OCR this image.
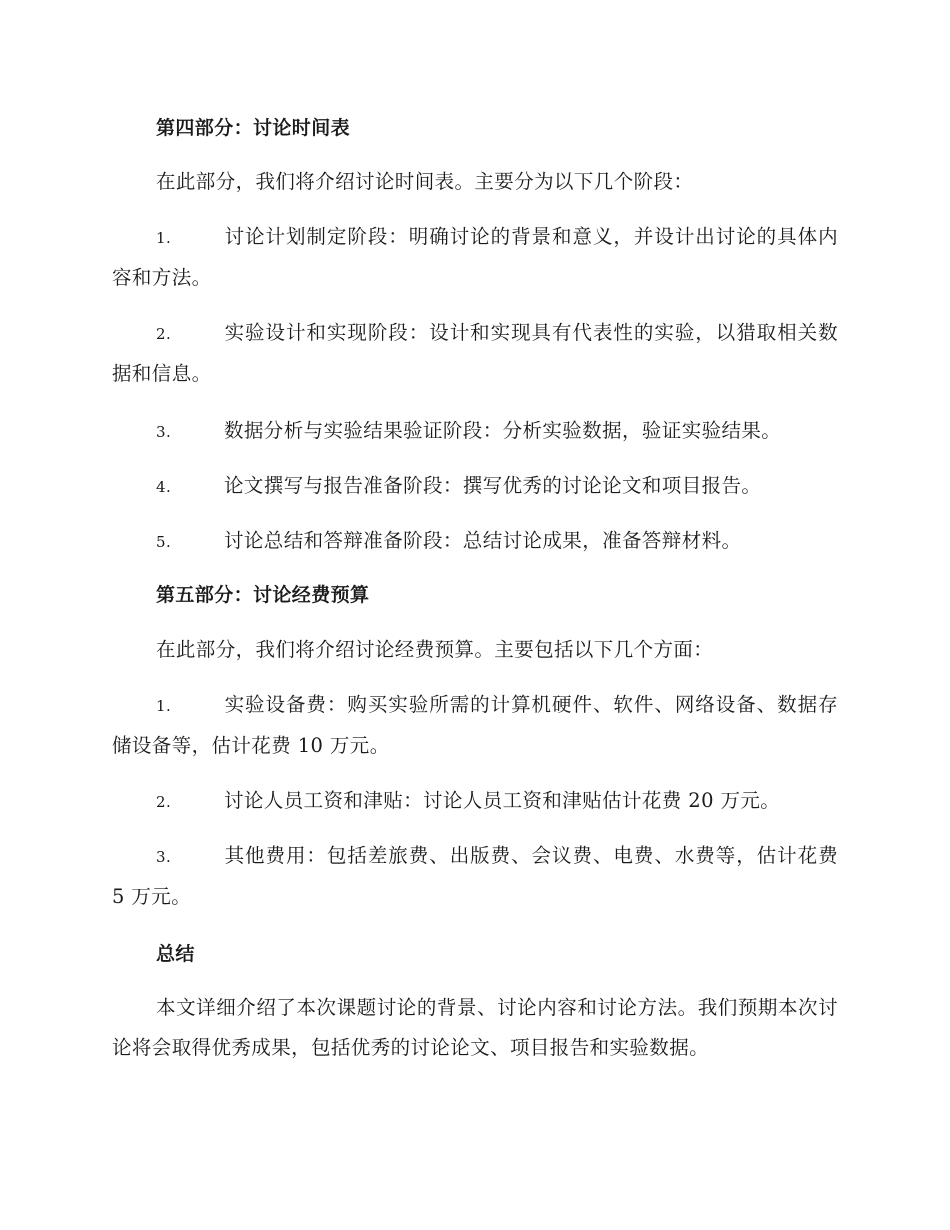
第四部分：讨论时间表
在此部分，我们将介绍讨论时间表。主要分为以下几个阶段：
1.	讨论计划制定阶段：明确讨论的背景和意义，并设计出讨论的具体内容和方法。
2.	实验设计和实现阶段：设计和实现具有代表性的实验，以猎取相关数据和信息。
3.	数据分析与实验结果验证阶段：分析实验数据，验证实验结果。
4.	论文撰写与报告准备阶段：撰写优秀的讨论论文和项目报告。
5.	讨论总结和答辩准备阶段：总结讨论成果，准备答辩材料。
第五部分：讨论经费预算
在此部分，我们将介绍讨论经费预算。主要包括以下几个方面：
1.	实验设备费：购买实验所需的计算机硬件、软件、网络设备、数据存储设备等，估计花费 10 万元。
2.	讨论人员工资和津贴：讨论人员工资和津贴估计花费 20 万元。
3.	其他费用：包括差旅费、出版费、会议费、电费、水费等，估计花费 5 万元。
总结
本文详细介绍了本次课题讨论的背景、讨论内容和讨论方法。我们预期本次讨论将会取得优秀成果，包括优秀的讨论论文、项目报告和实验数据。
